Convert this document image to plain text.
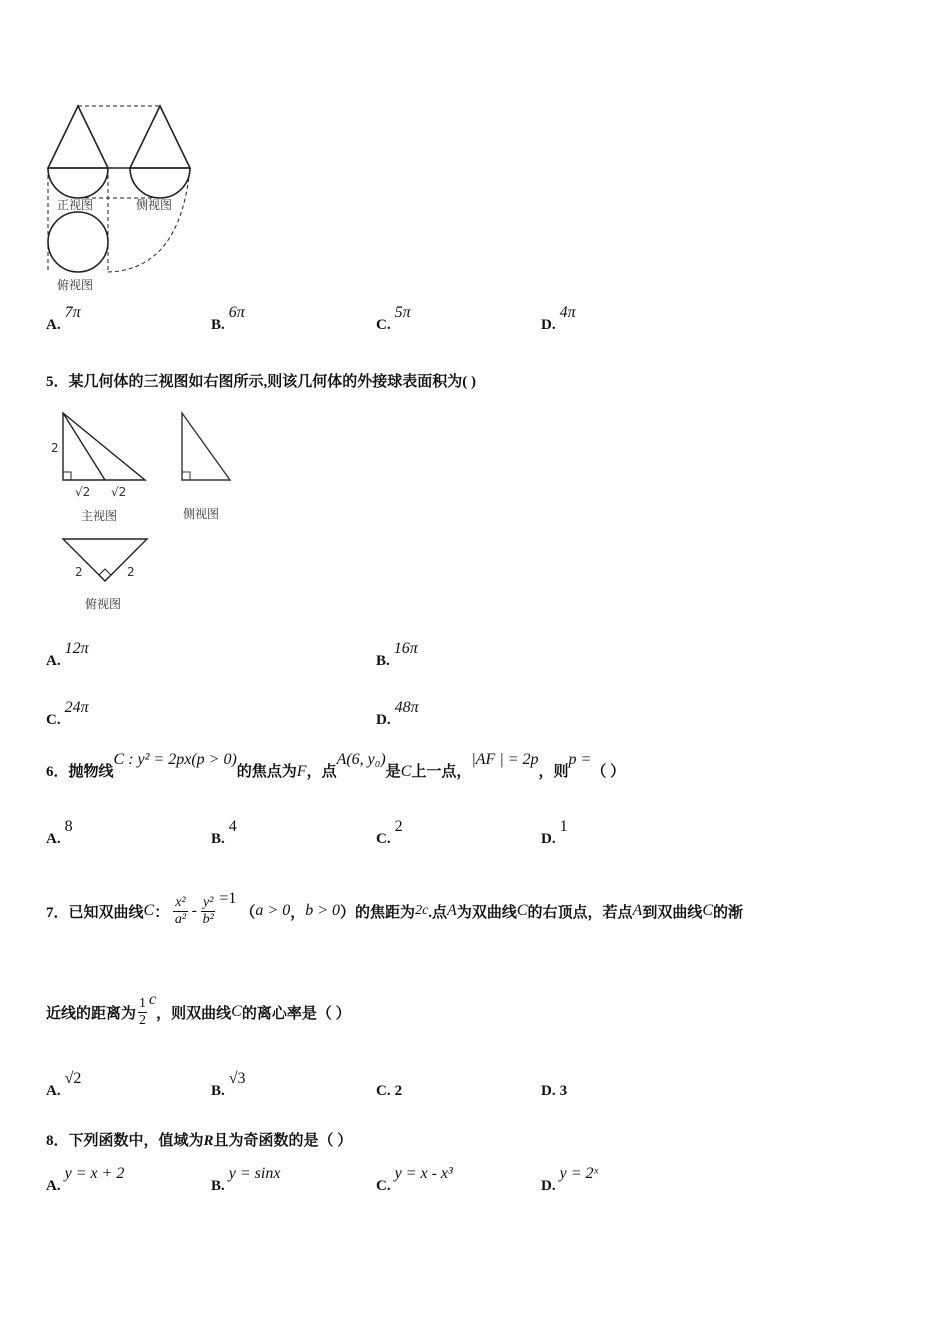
正视图	侧视图
俯视图
A. 7π
B. 6π
C. 5π
D. 4π
5．某几何体的三视图如右图所示,则该几何体的外接球表面积为( )
2
√2 √2
主视图	侧视图
2	2
俯视图
A. 12π
B. 16π
C. 24π
D. 48π
6．抛物线C : y² = 2px(p > 0)的焦点为F，点A(6, y₀)是C上一点，|AF | = 2p，则p =（ ）
A. 8
B. 4
C. 2
D. 1
7．已知双曲线 C ：
x²
$a^2 - \frac{\text{y²}}{\text{b²}} =1$
（ a > 0 ， b > 0 ） 的焦距为 2c .点 A 为双曲线 C 的右顶点，若点 A 到双曲线 C 的渐
近线的距离为 $\frac{1}{2}$ c
，则双曲线 C 的离心率是（ ）
A. √2
B. √3
C. 2	D. 3
8．下列函数中，值域为R且为奇函数的是（ ）
A. y = x + 2
B. y = sinx
C. y = x - x³
D. y = 2ˣ
